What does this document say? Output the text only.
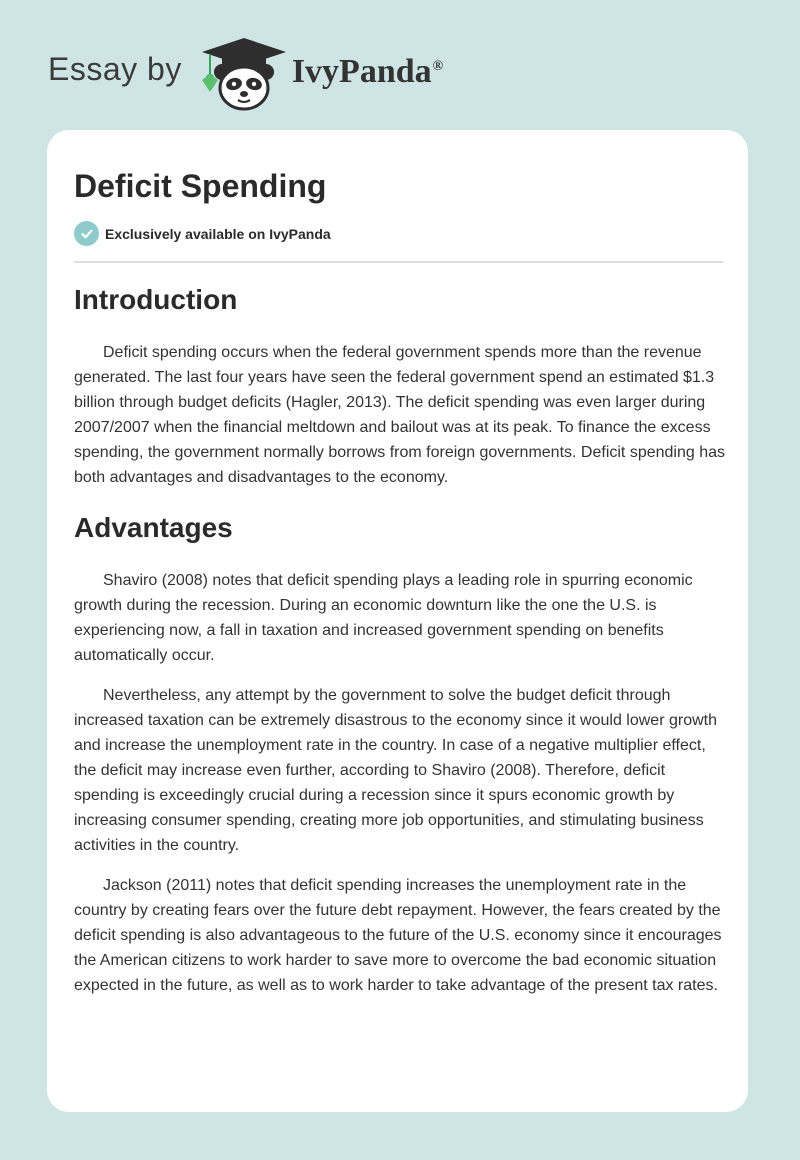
Essay by	IvyPanda®
Deficit Spending
Exclusively available on IvyPanda
Introduction

Deficit spending occurs when the federal government spends more than the revenue generated. The last four years have seen the federal government spend an estimated $1.3 billion through budget deficits (Hagler, 2013). The deficit spending was even larger during 2007/2007 when the financial meltdown and bailout was at its peak. To finance the excess spending, the government normally borrows from foreign governments. Deficit spending has both advantages and disadvantages to the economy.

Advantages

Shaviro (2008) notes that deficit spending plays a leading role in spurring economic growth during the recession. During an economic downturn like the one the U.S. is experiencing now, a fall in taxation and increased government spending on benefits automatically occur.

Nevertheless, any attempt by the government to solve the budget deficit through increased taxation can be extremely disastrous to the economy since it would lower growth and increase the unemployment rate in the country. In case of a negative multiplier effect, the deficit may increase even further, according to Shaviro (2008). Therefore, deficit spending is exceedingly crucial during a recession since it spurs economic growth by increasing consumer spending, creating more job opportunities, and stimulating business activities in the country.

Jackson (2011) notes that deficit spending increases the unemployment rate in the country by creating fears over the future debt repayment. However, the fears created by the deficit spending is also advantageous to the future of the U.S. economy since it encourages the American citizens to work harder to save more to overcome the bad economic situation expected in the future, as well as to work harder to take advantage of the present tax rates.
